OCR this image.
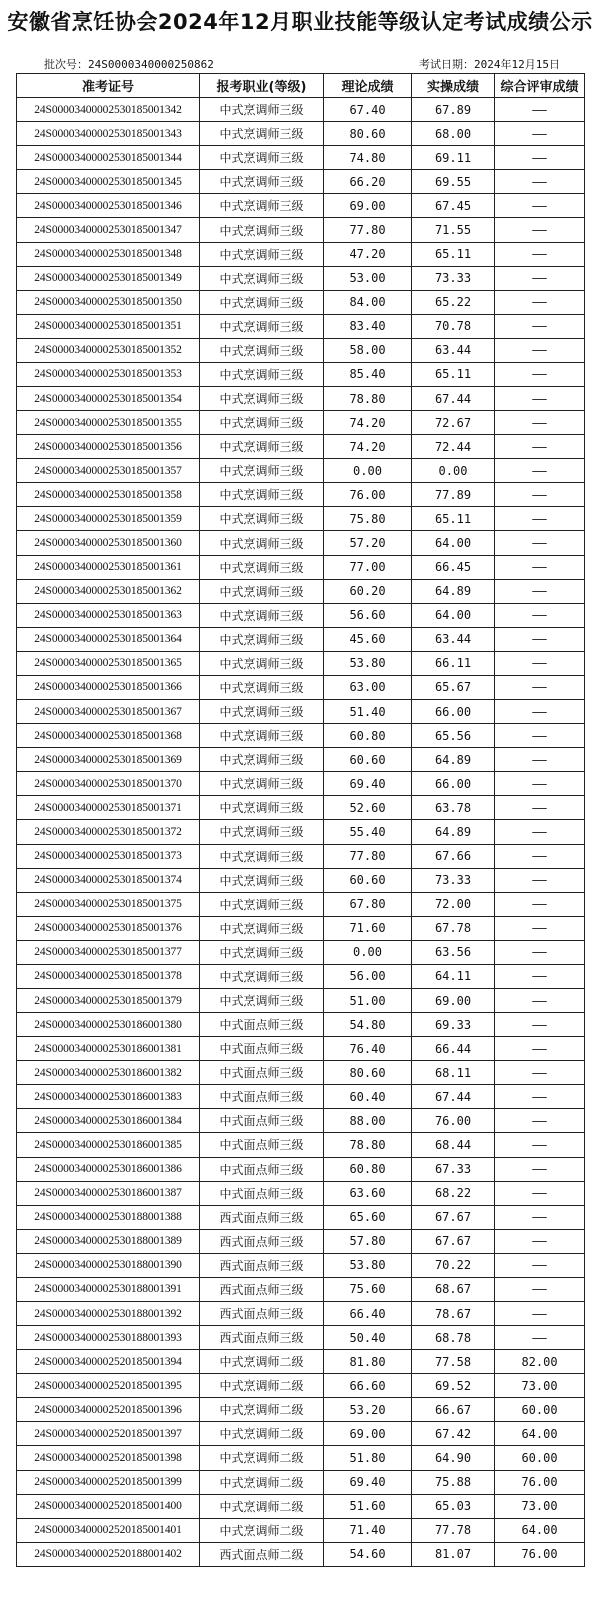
安徽省烹饪协会2024年12月职业技能等级认定考试成绩公示
批次号：24S0000340000250862	考试日期：2024年12月15日
准考证号	报考职业(等级)	理论成绩	实操成绩	综合评审成绩
24S00003400002530185001342	中式烹调师三级	67.40	67.89	——
24S00003400002530185001343	中式烹调师三级	80.60	68.00	——
24S00003400002530185001344	中式烹调师三级	74.80	69.11	——
24S00003400002530185001345	中式烹调师三级	66.20	69.55	——
24S00003400002530185001346	中式烹调师三级	69.00	67.45	——
24S00003400002530185001347	中式烹调师三级	77.80	71.55	——
24S00003400002530185001348	中式烹调师三级	47.20	65.11	——
24S00003400002530185001349	中式烹调师三级	53.00	73.33	——
24S00003400002530185001350	中式烹调师三级	84.00	65.22	——
24S00003400002530185001351	中式烹调师三级	83.40	70.78	——
24S00003400002530185001352	中式烹调师三级	58.00	63.44	——
24S00003400002530185001353	中式烹调师三级	85.40	65.11	——
24S00003400002530185001354	中式烹调师三级	78.80	67.44	——
24S00003400002530185001355	中式烹调师三级	74.20	72.67	——
24S00003400002530185001356	中式烹调师三级	74.20	72.44	——
24S00003400002530185001357	中式烹调师三级	0.00	0.00	——
24S00003400002530185001358	中式烹调师三级	76.00	77.89	——
24S00003400002530185001359	中式烹调师三级	75.80	65.11	——
24S00003400002530185001360	中式烹调师三级	57.20	64.00	——
24S00003400002530185001361	中式烹调师三级	77.00	66.45	——
24S00003400002530185001362	中式烹调师三级	60.20	64.89	——
24S00003400002530185001363	中式烹调师三级	56.60	64.00	——
24S00003400002530185001364	中式烹调师三级	45.60	63.44	——
24S00003400002530185001365	中式烹调师三级	53.80	66.11	——
24S00003400002530185001366	中式烹调师三级	63.00	65.67	——
24S00003400002530185001367	中式烹调师三级	51.40	66.00	——
24S00003400002530185001368	中式烹调师三级	60.80	65.56	——
24S00003400002530185001369	中式烹调师三级	60.60	64.89	——
24S00003400002530185001370	中式烹调师三级	69.40	66.00	——
24S00003400002530185001371	中式烹调师三级	52.60	63.78	——
24S00003400002530185001372	中式烹调师三级	55.40	64.89	——
24S00003400002530185001373	中式烹调师三级	77.80	67.66	——
24S00003400002530185001374	中式烹调师三级	60.60	73.33	——
24S00003400002530185001375	中式烹调师三级	67.80	72.00	——
24S00003400002530185001376	中式烹调师三级	71.60	67.78	——
24S00003400002530185001377	中式烹调师三级	0.00	63.56	——
24S00003400002530185001378	中式烹调师三级	56.00	64.11	——
24S00003400002530185001379	中式烹调师三级	51.00	69.00	——
24S00003400002530186001380	中式面点师三级	54.80	69.33	——
24S00003400002530186001381	中式面点师三级	76.40	66.44	——
24S00003400002530186001382	中式面点师三级	80.60	68.11	——
24S00003400002530186001383	中式面点师三级	60.40	67.44	——
24S00003400002530186001384	中式面点师三级	88.00	76.00	——
24S00003400002530186001385	中式面点师三级	78.80	68.44	——
24S00003400002530186001386	中式面点师三级	60.80	67.33	——
24S00003400002530186001387	中式面点师三级	63.60	68.22	——
24S00003400002530188001388	西式面点师三级	65.60	67.67	——
24S00003400002530188001389	西式面点师三级	57.80	67.67	——
24S00003400002530188001390	西式面点师三级	53.80	70.22	——
24S00003400002530188001391	西式面点师三级	75.60	68.67	——
24S00003400002530188001392	西式面点师三级	66.40	78.67	——
24S00003400002530188001393	西式面点师三级	50.40	68.78	——
24S00003400002520185001394	中式烹调师二级	81.80	77.58	82.00
24S00003400002520185001395	中式烹调师二级	66.60	69.52	73.00
24S00003400002520185001396	中式烹调师二级	53.20	66.67	60.00
24S00003400002520185001397	中式烹调师二级	69.00	67.42	64.00
24S00003400002520185001398	中式烹调师二级	51.80	64.90	60.00
24S00003400002520185001399	中式烹调师二级	69.40	75.88	76.00
24S00003400002520185001400	中式烹调师二级	51.60	65.03	73.00
24S00003400002520185001401	中式烹调师二级	71.40	77.78	64.00
24S00003400002520188001402	西式面点师二级	54.60	81.07	76.00
